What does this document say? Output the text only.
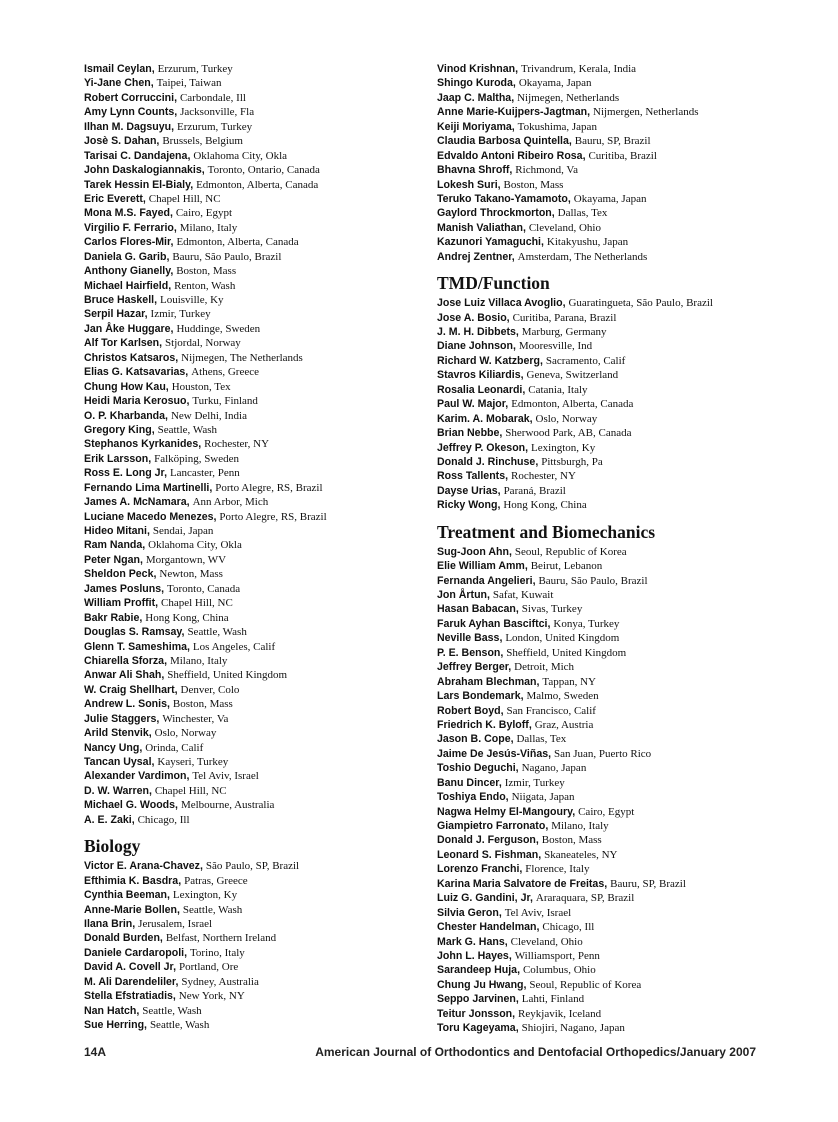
Ismail Ceylan, Erzurum, Turkey
Yi-Jane Chen, Taipei, Taiwan
Robert Corruccini, Carbondale, Ill
Amy Lynn Counts, Jacksonville, Fla
Ilhan M. Dagsuyu, Erzurum, Turkey
Josè S. Dahan, Brussels, Belgium
Tarisai C. Dandajena, Oklahoma City, Okla
John Daskalogiannakis, Toronto, Ontario, Canada
Tarek Hessin El-Bialy, Edmonton, Alberta, Canada
Eric Everett, Chapel Hill, NC
Mona M.S. Fayed, Cairo, Egypt
Virgilio F. Ferrario, Milano, Italy
Carlos Flores-Mir, Edmonton, Alberta, Canada
Daniela G. Garib, Bauru, São Paulo, Brazil
Anthony Gianelly, Boston, Mass
Michael Hairfield, Renton, Wash
Bruce Haskell, Louisville, Ky
Serpil Hazar, Izmir, Turkey
Jan Åke Huggare, Huddinge, Sweden
Alf Tor Karlsen, Stjordal, Norway
Christos Katsaros, Nijmegen, The Netherlands
Elias G. Katsavarias, Athens, Greece
Chung How Kau, Houston, Tex
Heidi Maria Kerosuo, Turku, Finland
O. P. Kharbanda, New Delhi, India
Gregory King, Seattle, Wash
Stephanos Kyrkanides, Rochester, NY
Erik Larsson, Falköping, Sweden
Ross E. Long Jr, Lancaster, Penn
Fernando Lima Martinelli, Porto Alegre, RS, Brazil
James A. McNamara, Ann Arbor, Mich
Luciane Macedo Menezes, Porto Alegre, RS, Brazil
Hideo Mitani, Sendai, Japan
Ram Nanda, Oklahoma City, Okla
Peter Ngan, Morgantown, WV
Sheldon Peck, Newton, Mass
James Posluns, Toronto, Canada
William Proffit, Chapel Hill, NC
Bakr Rabie, Hong Kong, China
Douglas S. Ramsay, Seattle, Wash
Glenn T. Sameshima, Los Angeles, Calif
Chiarella Sforza, Milano, Italy
Anwar Ali Shah, Sheffield, United Kingdom
W. Craig Shellhart, Denver, Colo
Andrew L. Sonis, Boston, Mass
Julie Staggers, Winchester, Va
Arild Stenvik, Oslo, Norway
Nancy Ung, Orinda, Calif
Tancan Uysal, Kayseri, Turkey
Alexander Vardimon, Tel Aviv, Israel
D. W. Warren, Chapel Hill, NC
Michael G. Woods, Melbourne, Australia
A. E. Zaki, Chicago, Ill
Biology
Victor E. Arana-Chavez, São Paulo, SP, Brazil
Efthimia K. Basdra, Patras, Greece
Cynthia Beeman, Lexington, Ky
Anne-Marie Bollen, Seattle, Wash
Ilana Brin, Jerusalem, Israel
Donald Burden, Belfast, Northern Ireland
Daniele Cardaropoli, Torino, Italy
David A. Covell Jr, Portland, Ore
M. Ali Darendeliler, Sydney, Australia
Stella Efstratiadis, New York, NY
Nan Hatch, Seattle, Wash
Sue Herring, Seattle, Wash
Vinod Krishnan, Trivandrum, Kerala, India
Shingo Kuroda, Okayama, Japan
Jaap C. Maltha, Nijmegen, Netherlands
Anne Marie-Kuijpers-Jagtman, Nijmergen, Netherlands
Keiji Moriyama, Tokushima, Japan
Claudia Barbosa Quintella, Bauru, SP, Brazil
Edvaldo Antoni Ribeiro Rosa, Curitiba, Brazil
Bhavna Shroff, Richmond, Va
Lokesh Suri, Boston, Mass
Teruko Takano-Yamamoto, Okayama, Japan
Gaylord Throckmorton, Dallas, Tex
Manish Valiathan, Cleveland, Ohio
Kazunori Yamaguchi, Kitakyushu, Japan
Andrej Zentner, Amsterdam, The Netherlands
TMD/Function
Jose Luiz Villaca Avoglio, Guaratingueta, São Paulo, Brazil
Jose A. Bosio, Curitiba, Parana, Brazil
J. M. H. Dibbets, Marburg, Germany
Diane Johnson, Mooresville, Ind
Richard W. Katzberg, Sacramento, Calif
Stavros Kiliardis, Geneva, Switzerland
Rosalia Leonardi, Catania, Italy
Paul W. Major, Edmonton, Alberta, Canada
Karim. A. Mobarak, Oslo, Norway
Brian Nebbe, Sherwood Park, AB, Canada
Jeffrey P. Okeson, Lexington, Ky
Donald J. Rinchuse, Pittsburgh, Pa
Ross Tallents, Rochester, NY
Dayse Urias, Paraná, Brazil
Ricky Wong, Hong Kong, China
Treatment and Biomechanics
Sug-Joon Ahn, Seoul, Republic of Korea
Elie William Amm, Beirut, Lebanon
Fernanda Angelieri, Bauru, São Paulo, Brazil
Jon Årtun, Safat, Kuwait
Hasan Babacan, Sivas, Turkey
Faruk Ayhan Basciftci, Konya, Turkey
Neville Bass, London, United Kingdom
P. E. Benson, Sheffield, United Kingdom
Jeffrey Berger, Detroit, Mich
Abraham Blechman, Tappan, NY
Lars Bondemark, Malmo, Sweden
Robert Boyd, San Francisco, Calif
Friedrich K. Byloff, Graz, Austria
Jason B. Cope, Dallas, Tex
Jaime De Jesús-Viñas, San Juan, Puerto Rico
Toshio Deguchi, Nagano, Japan
Banu Dincer, Izmir, Turkey
Toshiya Endo, Niigata, Japan
Nagwa Helmy El-Mangoury, Cairo, Egypt
Giampietro Farronato, Milano, Italy
Donald J. Ferguson, Boston, Mass
Leonard S. Fishman, Skaneateles, NY
Lorenzo Franchi, Florence, Italy
Karina Maria Salvatore de Freitas, Bauru, SP, Brazil
Luiz G. Gandini, Jr, Araraquara, SP, Brazil
Silvia Geron, Tel Aviv, Israel
Chester Handelman, Chicago, Ill
Mark G. Hans, Cleveland, Ohio
John L. Hayes, Williamsport, Penn
Sarandeep Huja, Columbus, Ohio
Chung Ju Hwang, Seoul, Republic of Korea
Seppo Jarvinen, Lahti, Finland
Teitur Jonsson, Reykjavik, Iceland
Toru Kageyama, Shiojiri, Nagano, Japan
14A	American Journal of Orthodontics and Dentofacial Orthopedics/January 2007
